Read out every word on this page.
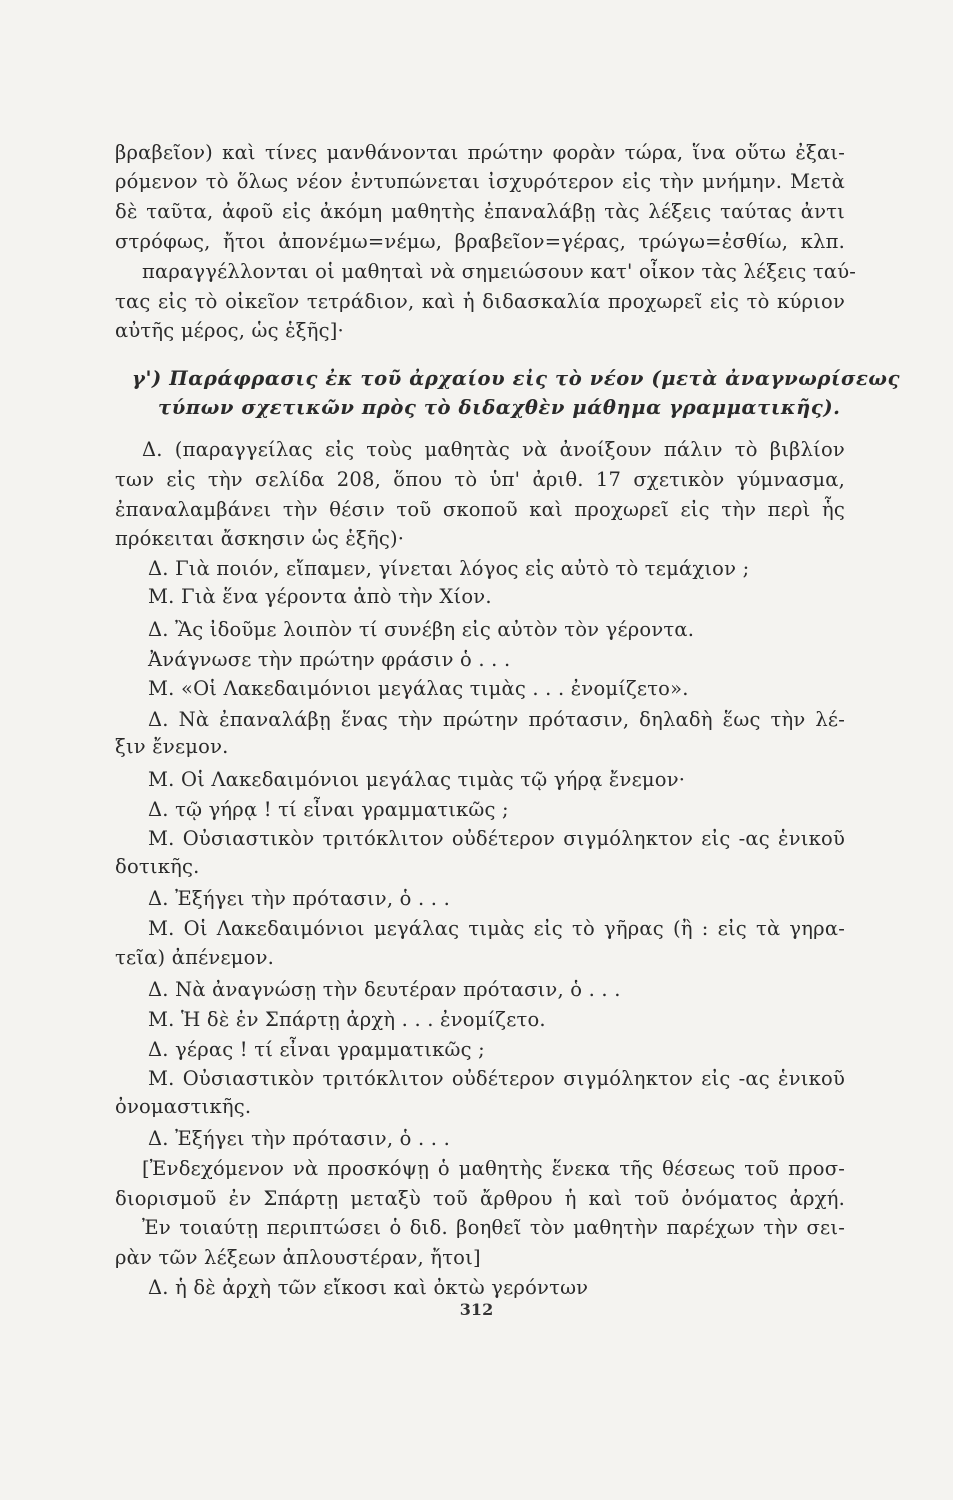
βραβεῖον) καὶ τίνες μανθάνονται πρώτην φορὰν τώρα, ἵνα οὕτω ἐξαι-
ρόμενον τὸ ὅλως νέον ἐντυπώνεται ἰσχυρότερον εἰς τὴν μνήμην. Μετὰ
δὲ ταῦτα, ἀφοῦ εἰς ἀκόμη μαθητὴς ἐπαναλάβῃ τὰς λέξεις ταύτας ἀντι
στρόφως, ἤτοι ἀπονέμω=νέμω, βραβεῖον=γέρας, τρώγω=ἐσθίω, κλπ.
παραγγέλλονται οἱ μαθηταὶ νὰ σημειώσουν κατ' οἶκον τὰς λέξεις ταύ-
τας εἰς τὸ οἰκεῖον τετράδιον, καὶ ἡ διδασκαλία προχωρεῖ εἰς τὸ κύριον
αὐτῆς μέρος, ὡς ἑξῆς]·
γ') Παράφρασις ἐκ τοῦ ἀρχαίου εἰς τὸ νέον (μετὰ ἀναγνωρίσεως
τύπων σχετικῶν πρὸς τὸ διδαχθὲν μάθημα γραμματικῆς).
Δ. (παραγγείλας εἰς τοὺς μαθητὰς νὰ ἀνοίξουν πάλιν τὸ βιβλίον
των εἰς τὴν σελίδα 208, ὅπου τὸ ὑπ' ἀριθ. 17 σχετικὸν γύμνασμα,
ἐπαναλαμβάνει τὴν θέσιν τοῦ σκοποῦ καὶ προχωρεῖ εἰς τὴν περὶ ἧς
πρόκειται ἄσκησιν ὡς ἑξῆς)·
Δ. Γιὰ ποιόν, εἴπαμεν, γίνεται λόγος εἰς αὐτὸ τὸ τεμάχιον ;
Μ. Γιὰ ἕνα γέροντα ἀπὸ τὴν Χίον.
Δ. Ἂς ἰδοῦμε λοιπὸν τί συνέβη εἰς αὐτὸν τὸν γέροντα.
Ἀνάγνωσε τὴν πρώτην φράσιν ὁ . . .
Μ. «Οἱ Λακεδαιμόνιοι μεγάλας τιμὰς . . . ἐνομίζετο».
Δ. Νὰ ἐπαναλάβῃ ἕνας τὴν πρώτην πρότασιν, δηλαδὴ ἕως τὴν λέ-
ξιν ἔνεμον.
Μ. Οἱ Λακεδαιμόνιοι μεγάλας τιμὰς τῷ γήρᾳ ἔνεμον·
Δ. τῷ γήρᾳ ! τί εἶναι γραμματικῶς ;
Μ. Οὐσιαστικὸν τριτόκλιτον οὐδέτερον σιγμόληκτον εἰς -ας ἑνικοῦ
δοτικῆς.
Δ. Ἐξήγει τὴν πρότασιν, ὁ . . .
Μ. Οἱ Λακεδαιμόνιοι μεγάλας τιμὰς εἰς τὸ γῆρας (ἢ : εἰς τὰ γηρα-
τεῖα) ἀπένεμον.
Δ. Νὰ ἀναγνώσῃ τὴν δευτέραν πρότασιν, ὁ . . .
Μ. Ἡ δὲ ἐν Σπάρτῃ ἀρχὴ . . . ἐνομίζετο.
Δ. γέρας ! τί εἶναι γραμματικῶς ;
Μ. Οὐσιαστικὸν τριτόκλιτον οὐδέτερον σιγμόληκτον εἰς -ας ἑνικοῦ
ὀνομαστικῆς.
Δ. Ἐξήγει τὴν πρότασιν, ὁ . . .
[Ἐνδεχόμενον νὰ προσκόψῃ ὁ μαθητὴς ἕνεκα τῆς θέσεως τοῦ προσ-
διορισμοῦ ἐν Σπάρτῃ μεταξὺ τοῦ ἄρθρου ἡ καὶ τοῦ ὀνόματος ἀρχή.
Ἐν τοιαύτῃ περιπτώσει ὁ διδ. βοηθεῖ τὸν μαθητὴν παρέχων τὴν σει-
ρὰν τῶν λέξεων ἁπλουστέραν, ἤτοι]
Δ. ἡ δὲ ἀρχὴ τῶν εἴκοσι καὶ ὀκτὼ γερόντων
312
